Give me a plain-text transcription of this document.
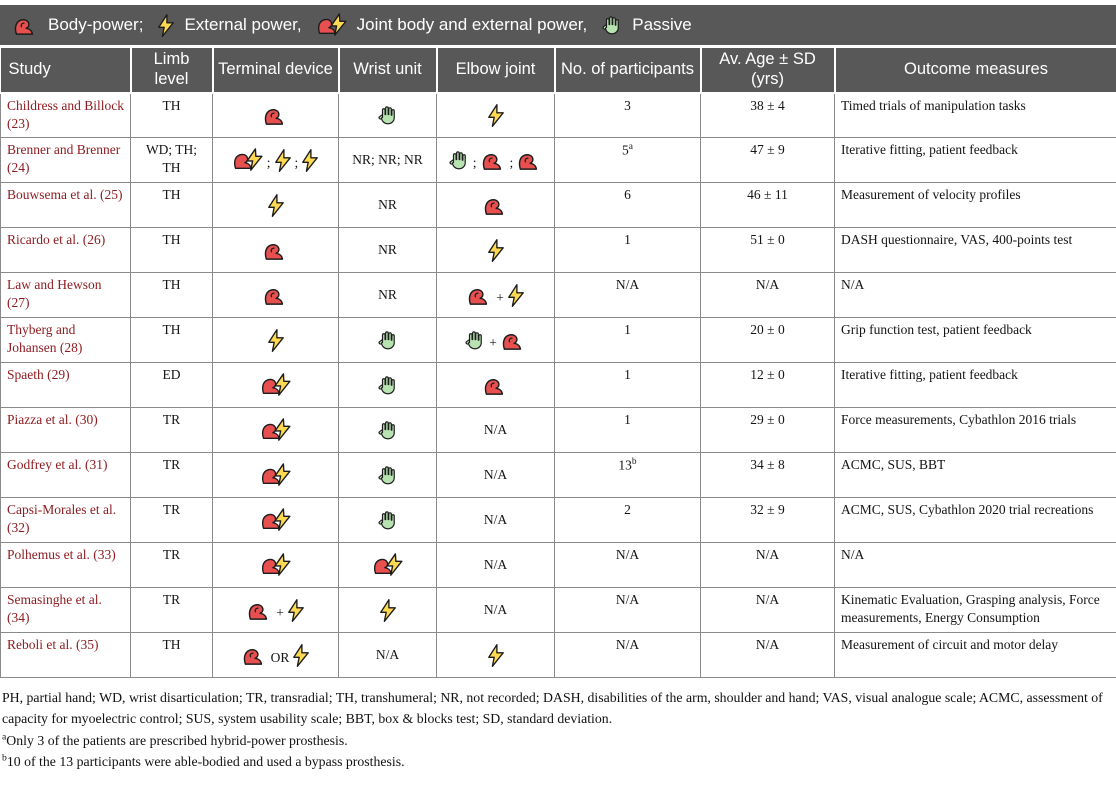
Body-power; External power,	Joint body and external power,	Passive
Study	Limb level	Terminal device	Wrist unit	Elbow joint	No. of participants	Av. Age ± SD (yrs)	Outcome measures
Childress and Billock (23)	TH				3	38 ± 4	Timed trials of manipulation tasks
Brenner and Brenner (24)	WD; TH; TH	; ;	NR; NR; NR	; ;	5$^a$	47 ± 9	Iterative fitting, patient feedback
Bouwsema et al. (25)	TH		NR		6	46 ± 11	Measurement of velocity profiles
Ricardo et al. (26)	TH		NR		1	51 ± 0	DASH questionnaire, VAS, 400-points test
Law and Hewson (27)	TH		NR	+	N/A	N/A	N/A
Thyberg and Johansen (28)	TH			+	1	20 ± 0	Grip function test, patient feedback
Spaeth (29)	ED				1	12 ± 0	Iterative fitting, patient feedback
Piazza et al. (30)	TR			N/A	1	29 ± 0	Force measurements, Cybathlon 2016 trials
Godfrey et al. (31)	TR			N/A	13$^b$	34 ± 8	ACMC, SUS, BBT
Capsi-Morales et al. (32)	TR			N/A	2	32 ± 9	ACMC, SUS, Cybathlon 2020 trial recreations
Polhemus et al. (33)	TR			N/A	N/A	N/A	N/A
Semasinghe et al. (34)	TR	+		N/A	N/A	N/A	Kinematic Evaluation, Grasping analysis, Force measurements, Energy Consumption
Reboli et al. (35)	TH	OR	N/A		N/A	N/A	Measurement of circuit and motor delay
PH, partial hand; WD, wrist disarticulation; TR, transradial; TH, transhumeral; NR, not recorded; DASH, disabilities of the arm, shoulder and hand; VAS, visual analogue scale; ACMC, assessment of capacity for myoelectric control; SUS, system usability scale; BBT, box & blocks test; SD, standard deviation.
$^a$Only 3 of the patients are prescribed hybrid-power prosthesis.
$^b$10 of the 13 participants were able-bodied and used a bypass prosthesis.
